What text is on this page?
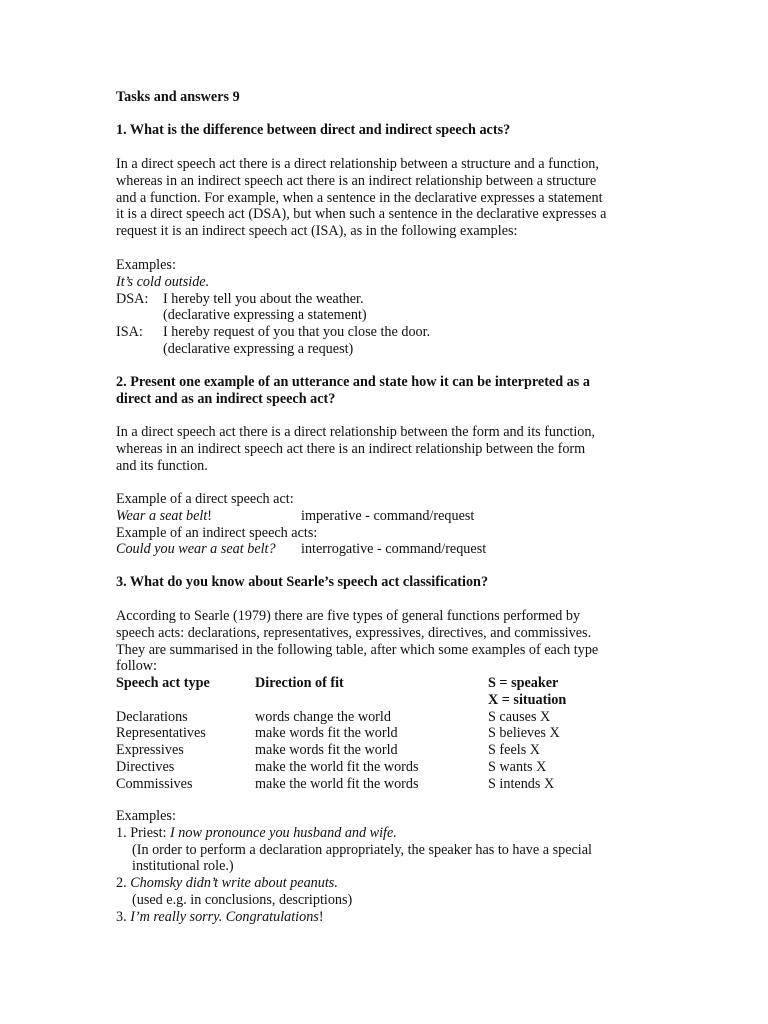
Tasks and answers 9

1. What is the difference between direct and indirect speech acts?

In a direct speech act there is a direct relationship between a structure and a function,
whereas in an indirect speech act there is an indirect relationship between a structure
and a function. For example, when a sentence in the declarative expresses a statement
it is a direct speech act (DSA), but when such a sentence in the declarative expresses a
request it is an indirect speech act (ISA), as in the following examples:
Examples:
It’s cold outside.
DSA: I hereby tell you about the weather.
(declarative expressing a statement)
ISA: I hereby request of you that you close the door.
(declarative expressing a request)
2. Present one example of an utterance and state how it can be interpreted as a
direct and as an indirect speech act?
In a direct speech act there is a direct relationship between the form and its function,
whereas in an indirect speech act there is an indirect relationship between the form
and its function.
Example of a direct speech act:
Wear a seat belt!	imperative - command/request
Example of an indirect speech acts:
Could you wear a seat belt? interrogative - command/request

3. What do you know about Searle’s speech act classification?

According to Searle (1979) there are five types of general functions performed by
speech acts: declarations, representatives, expressives, directives, and commissives.
They are summarised in the following table, after which some examples of each type
follow:
Speech act type	Direction of fit	S = speaker
		X = situation
Declarations	words change the world	S causes X
Representatives	make words fit the world	S believes X
Expressives	make words fit the world	S feels X
Directives	make the world fit the words	S wants X
Commissives	make the world fit the words	S intends X
Examples:
1. Priest: I now pronounce you husband and wife.
(In order to perform a declaration appropriately, the speaker has to have a special
institutional role.)
2. Chomsky didn’t write about peanuts.
(used e.g. in conclusions, descriptions)
3. I’m really sorry. Congratulations!
